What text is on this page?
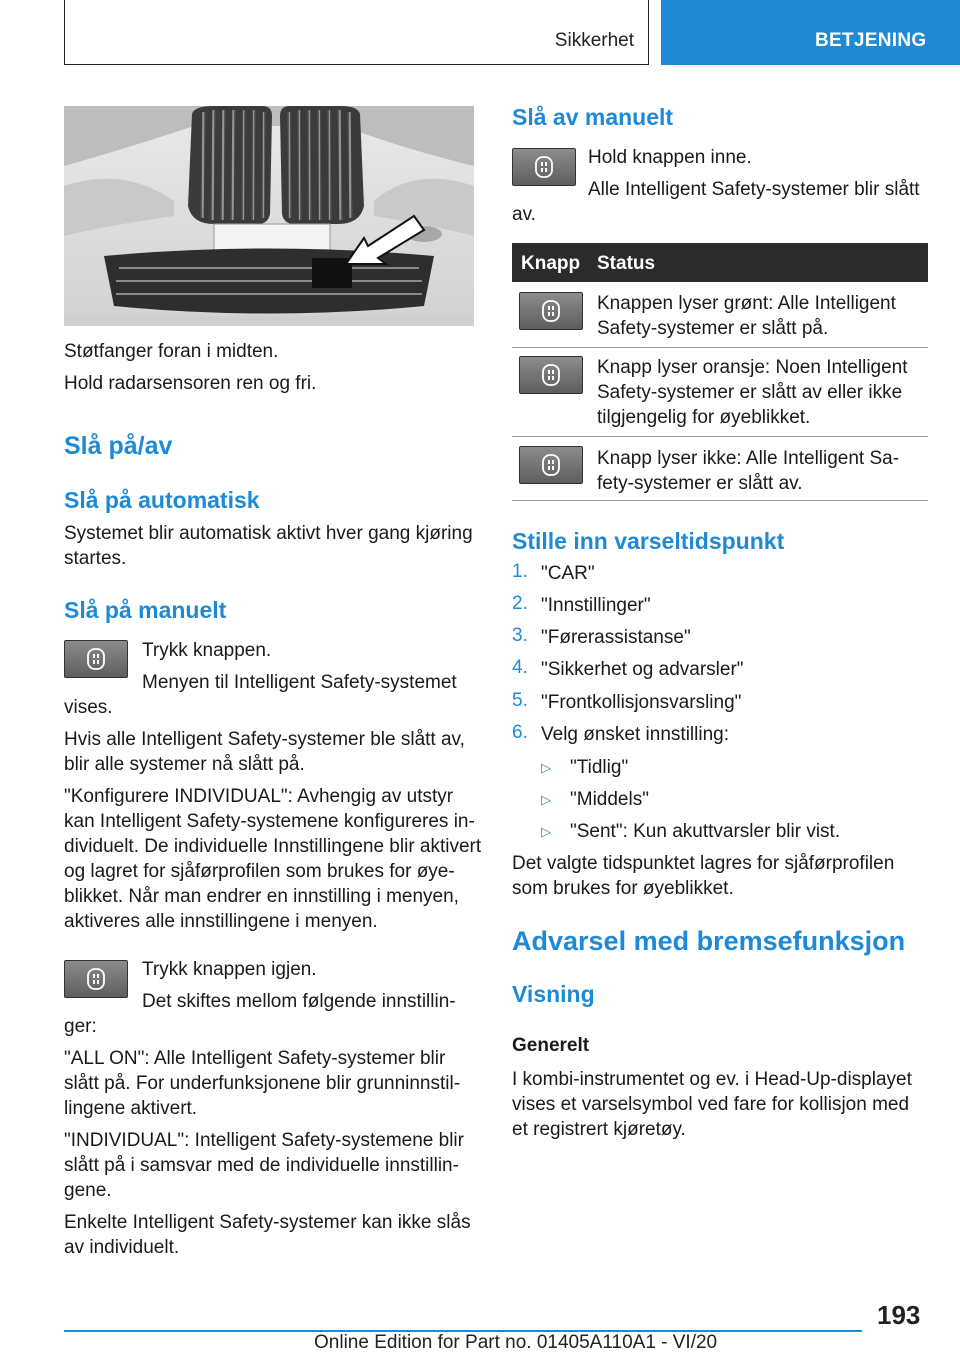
Sikkerhet	BETJENING

Støtfanger foran i midten.

Hold radarsensoren ren og fri.

Slå på/av
Slå på automatisk

Systemet blir automatisk aktivt hver gang kjøring

startes.

Slå på manuelt

Trykk knappen.

Menyen til Intelligent Safety-systemet

vises.

Hvis alle Intelligent Safety-systemer ble slått av,

blir alle systemer nå slått på.

"Konfigurere INDIVIDUAL": Avhengig av utstyr

kan Intelligent Safety-systemene konfigureres in-

dividuelt. De individuelle Innstillingene blir aktivert

og lagret for sjåførprofilen som brukes for øye-

blikket. Når man endrer en innstilling i menyen,

aktiveres alle innstillingene i menyen.

Trykk knappen igjen.

Det skiftes mellom følgende innstillin-

ger:

"ALL ON": Alle Intelligent Safety-systemer blir

slått på. For underfunksjonene blir grunninnstil-

lingene aktivert.

"INDIVIDUAL": Intelligent Safety-systemene blir

slått på i samsvar med de individuelle innstillin-

gene.

Enkelte Intelligent Safety-systemer kan ikke slås

av individuelt.

Slå av manuelt

Hold knappen inne.

Alle Intelligent Safety-systemer blir slått

av.

Knapp Status

Knappen lyser grønt: Alle Intelligent

Safety-systemer er slått på.

Knapp lyser oransje: Noen Intelligent

Safety-systemer er slått av eller ikke

tilgjengelig for øyeblikket.

Knapp lyser ikke: Alle Intelligent Sa-

fety-systemer er slått av.

Stille inn varseltidspunkt
1. "CAR"

2. "Innstillinger"

3. "Førerassistanse"

4. "Sikkerhet og advarsler"

5. "Frontkollisjonsvarsling"

6. Velg ønsket innstilling:

▷ "Tidlig"

▷ "Middels"

▷ "Sent": Kun akuttvarsler blir vist.

Det valgte tidspunktet lagres for sjåførprofilen

som brukes for øyeblikket.

Advarsel med bremsefunksjon
Visning
Generelt

I kombi-instrumentet og ev. i Head-Up-displayet

vises et varselsymbol ved fare for kollisjon med

et registrert kjøretøy.

193
Online Edition for Part no. 01405A110A1 - VI/20
